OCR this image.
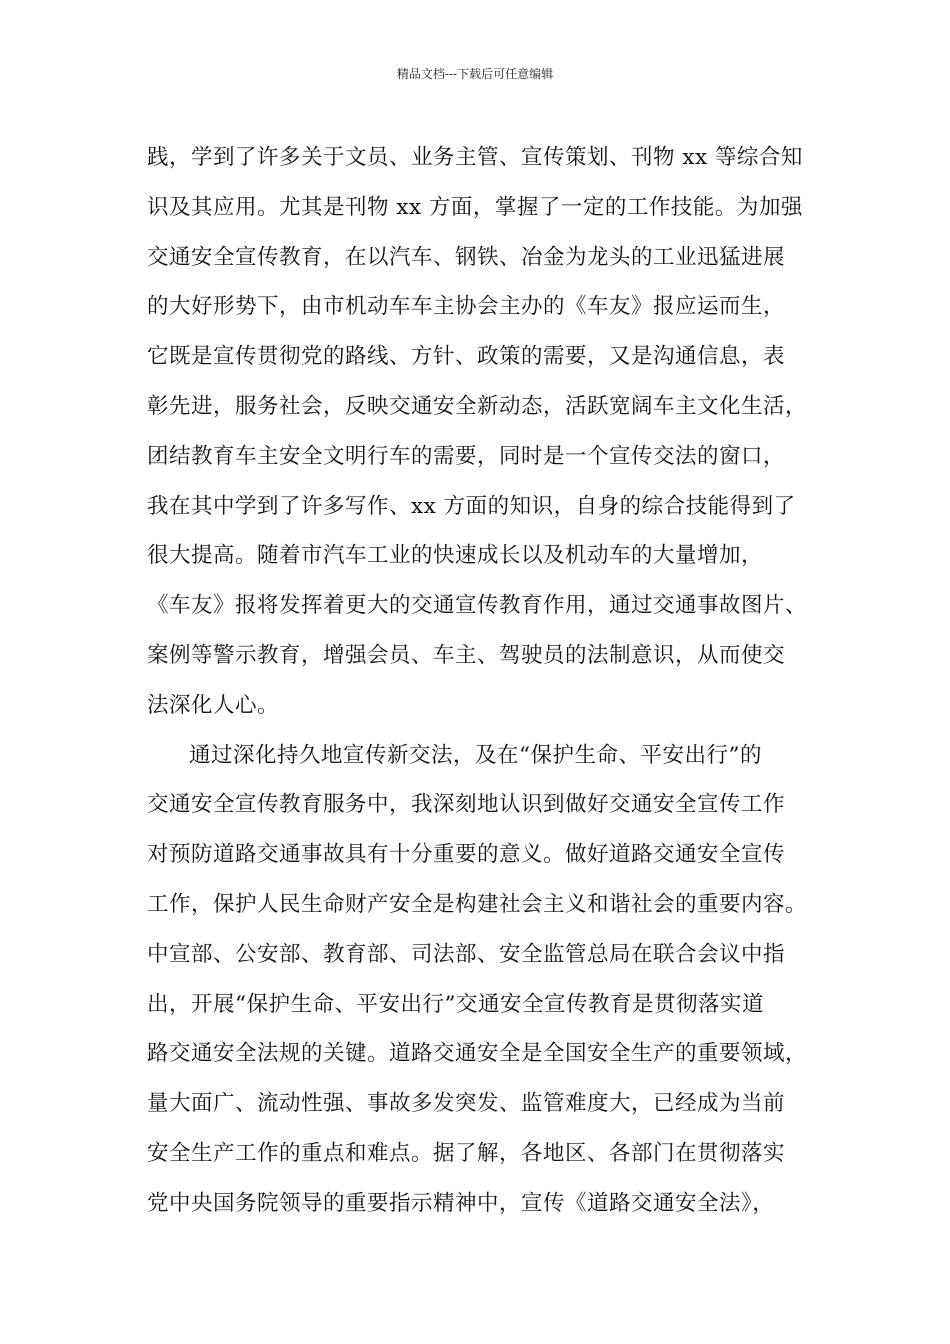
精品文档---下载后可任意编辑
践，学到了许多关于文员、业务主管、宣传策划、刊物 xx 等综合知
识及其应用。尤其是刊物 xx 方面，掌握了一定的工作技能。为加强
交通安全宣传教育，在以汽车、钢铁、冶金为龙头的工业迅猛进展
的大好形势下，由市机动车车主协会主办的《车友》报应运而生，
它既是宣传贯彻党的路线、方针、政策的需要，又是沟通信息，表
彰先进，服务社会，反映交通安全新动态，活跃宽阔车主文化生活，
团结教育车主安全文明行车的需要，同时是一个宣传交法的窗口，
我在其中学到了许多写作、xx 方面的知识，自身的综合技能得到了
很大提高。随着市汽车工业的快速成长以及机动车的大量增加，
《车友》报将发挥着更大的交通宣传教育作用，通过交通事故图片、
案例等警示教育，增强会员、车主、驾驶员的法制意识，从而使交
法深化人心。
通过深化持久地宣传新交法，及在“保护生命、平安出行”的
交通安全宣传教育服务中，我深刻地认识到做好交通安全宣传工作
对预防道路交通事故具有十分重要的意义。做好道路交通安全宣传
工作，保护人民生命财产安全是构建社会主义和谐社会的重要内容。
中宣部、公安部、教育部、司法部、安全监管总局在联合会议中指
出，开展“保护生命、平安出行”交通安全宣传教育是贯彻落实道
路交通安全法规的关键。道路交通安全是全国安全生产的重要领域，
量大面广、流动性强、事故多发突发、监管难度大，已经成为当前
安全生产工作的重点和难点。据了解，各地区、各部门在贯彻落实
党中央国务院领导的重要指示精神中，宣传《道路交通安全法》，
